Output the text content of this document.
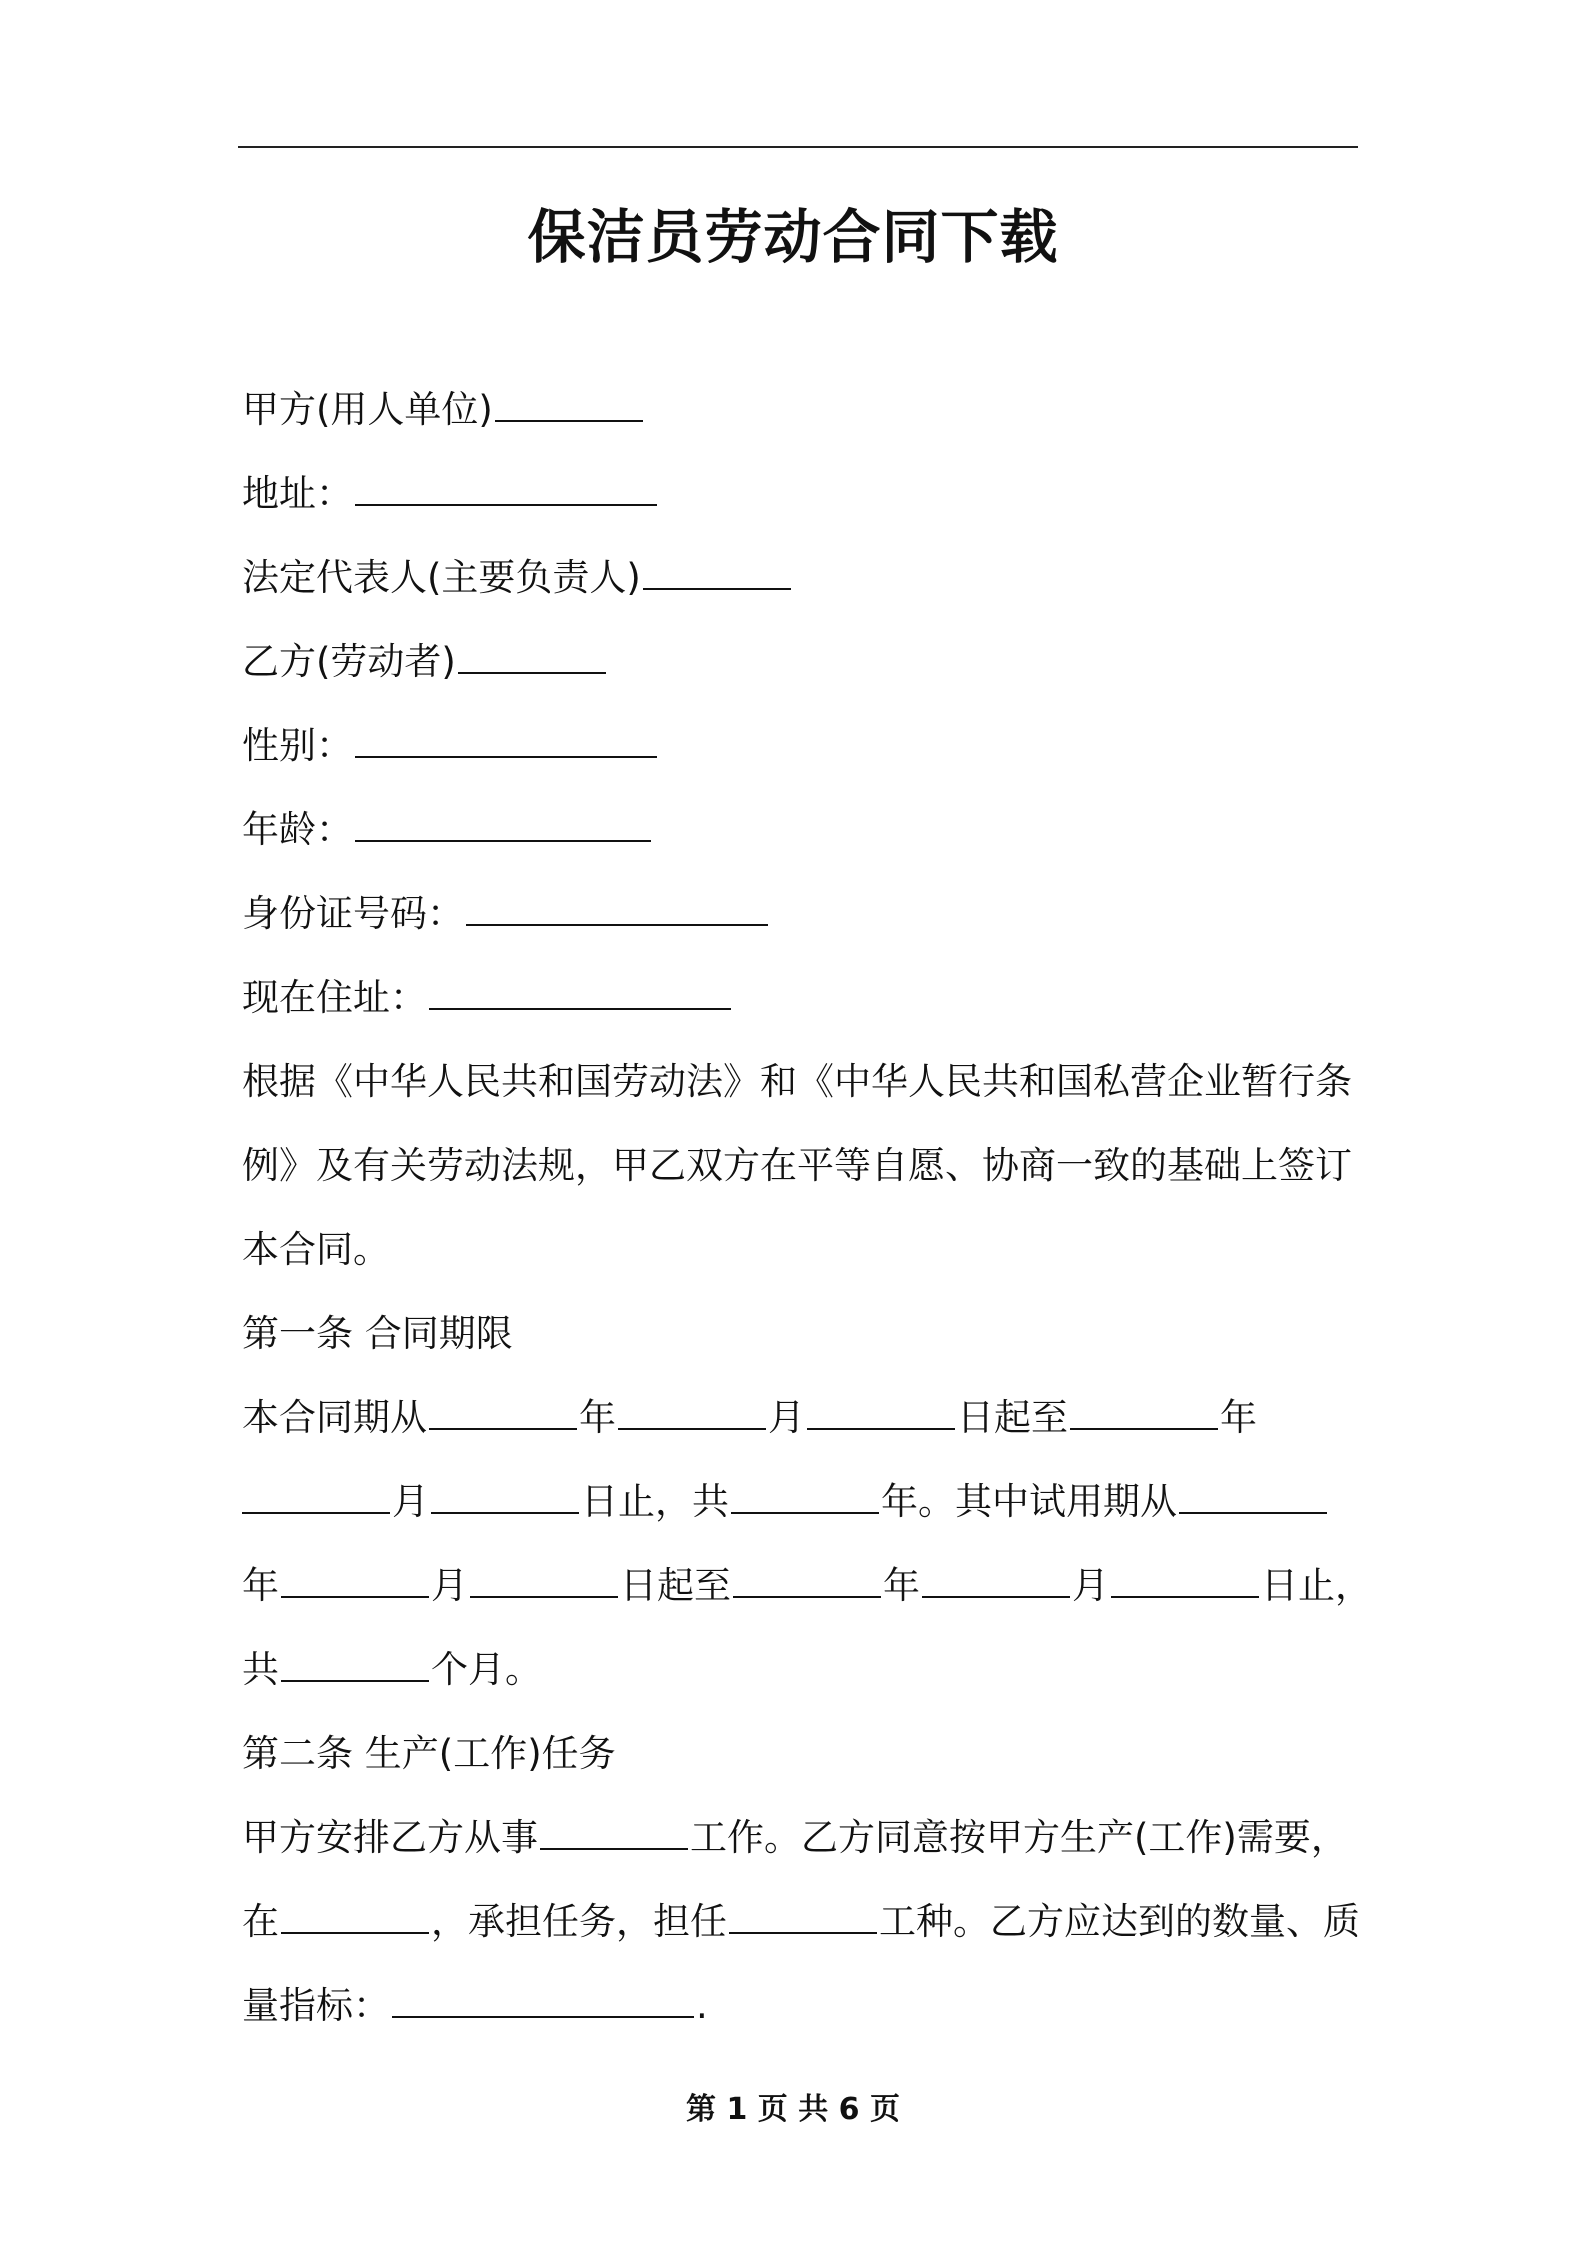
保洁员劳动合同下载
甲方(用人单位)
地址：
法定代表人(主要负责人)
乙方(劳动者)
性别：
年龄：
身份证号码：
现在住址：
根据《中华人民共和国劳动法》和《中华人民共和国私营企业暂行条
例》及有关劳动法规，甲乙双方在平等自愿、协商一致的基础上签订
本合同。
第一条 合同期限
本合同期从	年	月	日起至	年
月	日止，共	年。其中试用期从
年	月	日起至	年	月	日止，
共	个月。
第二条 生产(工作)任务
甲方安排乙方从事	工作。乙方同意按甲方生产(工作)需要，
在	，承担任务，担任	工种。乙方应达到的数量、质
量指标：	.
第 1 页 共 6 页
